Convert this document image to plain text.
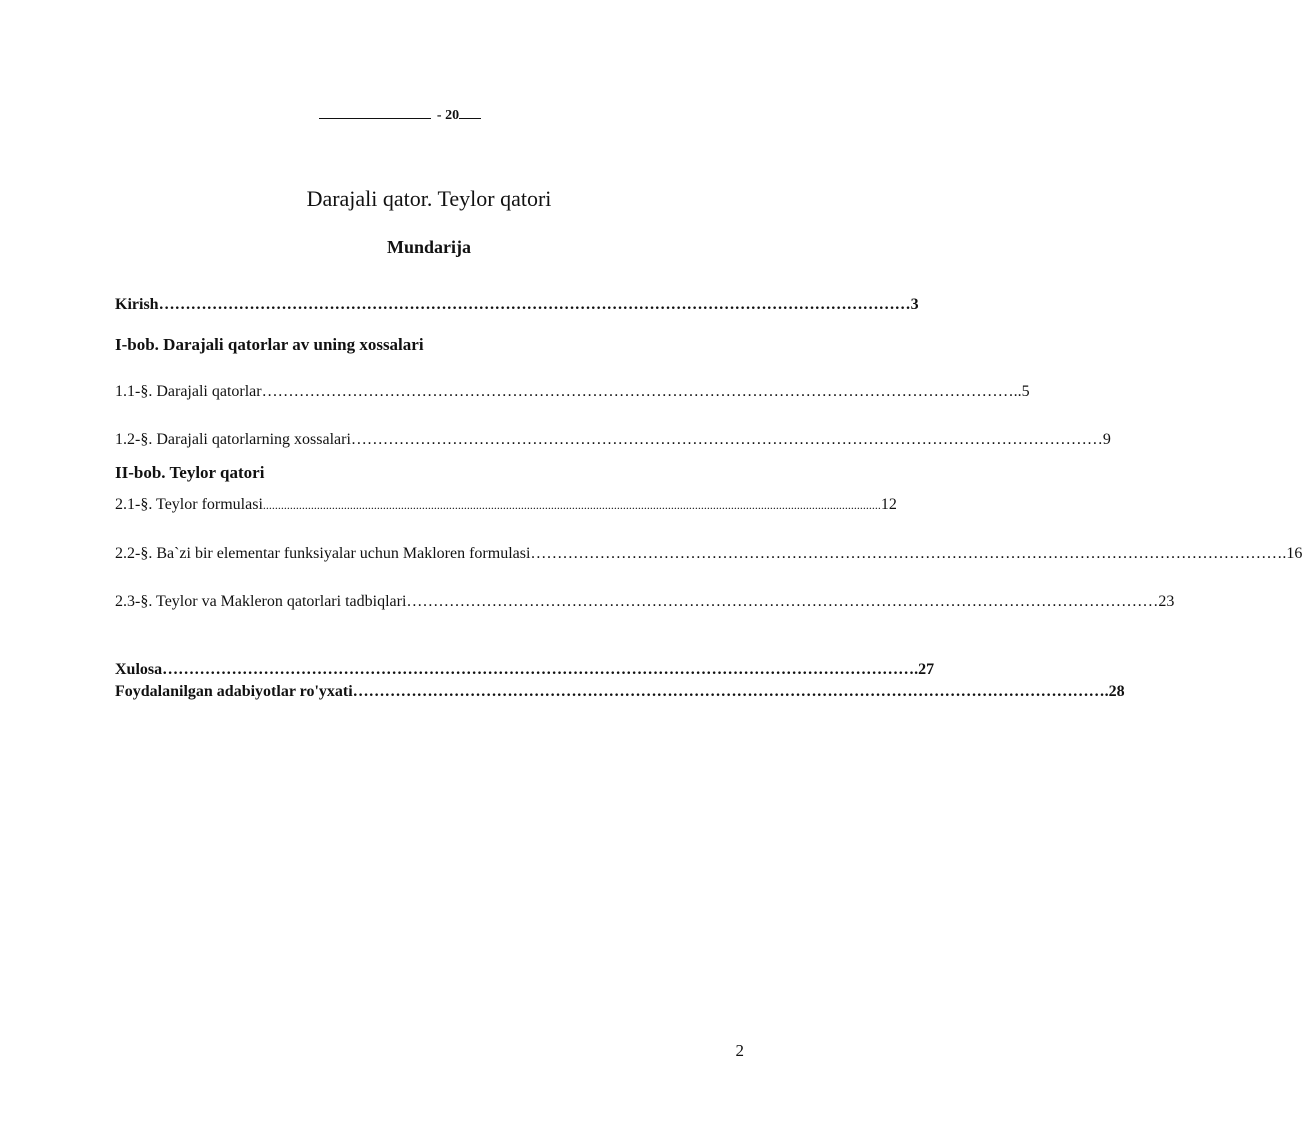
- 20
Darajali qator. Teylor qatori
Mundarija
Kirish …………………………………………………………………………………………………………………………… 3
I-bob. Darajali qatorlar av uning xossalari
1.1-§. Darajali qatorlar …………………………………………………………………………………………………………………………… ..5
1.2-§. Darajali qatorlarning xossalari …………………………………………………………………………………………………………………………… 9
II-bob. Teylor qatori
2.1-§. Teylor formulasi .............................................................................................................................................................................................................. 12
2.2-§. Ba`zi bir elementar funksiyalar uchun Makloren formulasi …………………………………………………………………………………………………………………………… .16
2.3-§. Teylor va Makleron qatorlari tadbiqlari …………………………………………………………………………………………………………………………… 23
Xulosa …………………………………………………………………………………………………………………………… .27
Foydalanilgan adabiyotlar ro'yxati …………………………………………………………………………………………………………………………… .28
2
